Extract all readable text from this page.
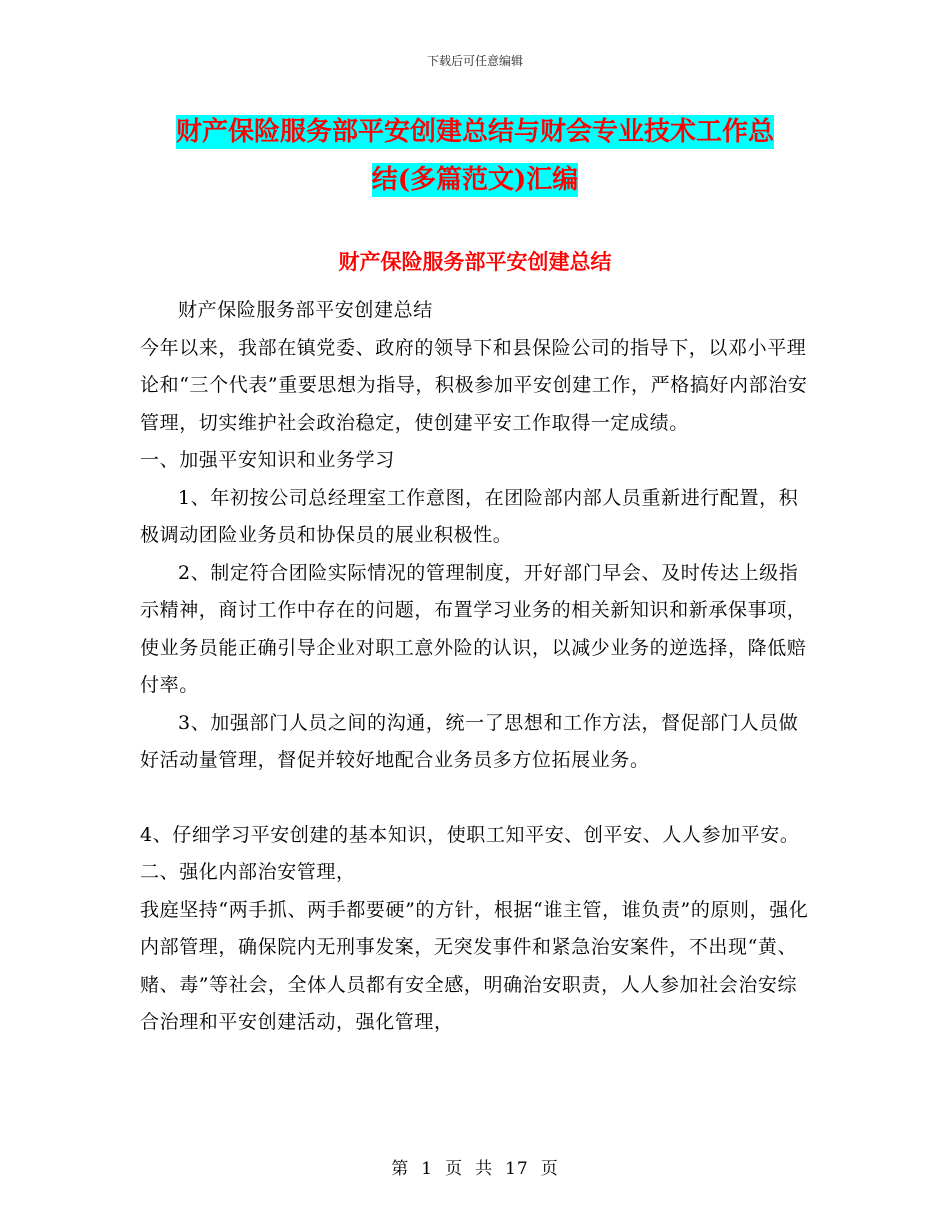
下载后可任意编辑
财产保险服务部平安创建总结与财会专业技术工作总
结(多篇范文)汇编
财产保险服务部平安创建总结

财产保险服务部平安创建总结

今年以来，我部在镇党委、政府的领导下和县保险公司的指导下，以邓小平理论和“三个代表”重要思想为指导，积极参加平安创建工作，严格搞好内部治安管理，切实维护社会政治稳定，使创建平安工作取得一定成绩。

一、加强平安知识和业务学习

1、年初按公司总经理室工作意图，在团险部内部人员重新进行配置，积极调动团险业务员和协保员的展业积极性。

2、制定符合团险实际情况的管理制度，开好部门早会、及时传达上级指示精神，商讨工作中存在的问题，布置学习业务的相关新知识和新承保事项，使业务员能正确引导企业对职工意外险的认识，以减少业务的逆选择，降低赔付率。

3、加强部门人员之间的沟通，统一了思想和工作方法，督促部门人员做好活动量管理，督促并较好地配合业务员多方位拓展业务。

4、仔细学习平安创建的基本知识，使职工知平安、创平安、人人参加平安。

二、强化内部治安管理，

我庭坚持“两手抓、两手都要硬”的方针，根据“谁主管，谁负责”的原则，强化内部管理，确保院内无刑事发案，无突发事件和紧急治安案件，不出现“黄、赌、毒”等社会，全体人员都有安全感，明确治安职责，人人参加社会治安综合治理和平安创建活动，强化管理，

第 1 页 共 17 页
